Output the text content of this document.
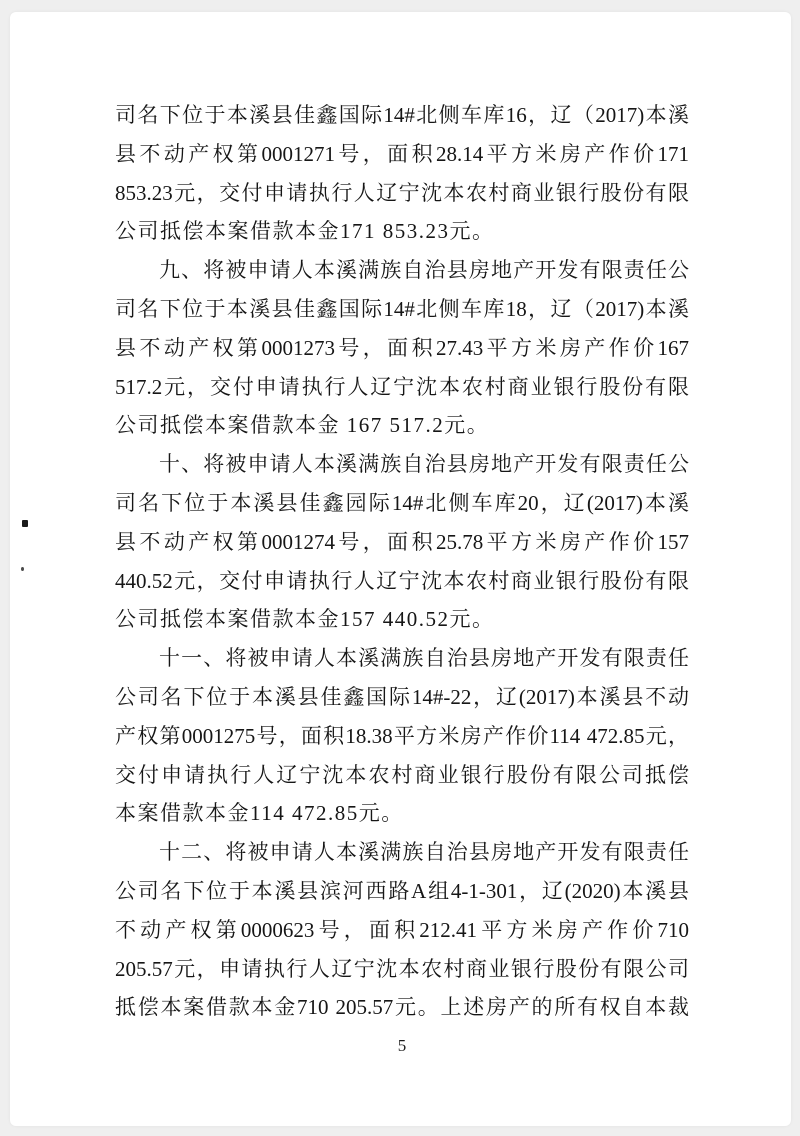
司名下位于本溪县佳鑫国际14#北侧车库16，辽（2017)本溪
县不动产权第0001271号，面积28.14平方米房产作价171
853.23元，交付申请执行人辽宁沈本农村商业银行股份有限
公司抵偿本案借款本金171 853.23元。
九、将被申请人本溪满族自治县房地产开发有限责任公
司名下位于本溪县佳鑫国际14#北侧车库18，辽（2017)本溪
县不动产权第0001273号，面积27.43平方米房产作价167
517.2元，交付申请执行人辽宁沈本农村商业银行股份有限
公司抵偿本案借款本金 167 517.2元。
十、将被申请人本溪满族自治县房地产开发有限责任公
司名下位于本溪县佳鑫园际14#北侧车库20，辽(2017)本溪
县不动产权第0001274号，面积25.78平方米房产作价157
440.52元，交付申请执行人辽宁沈本农村商业银行股份有限
公司抵偿本案借款本金157 440.52元。
十一、将被申请人本溪满族自治县房地产开发有限责任
公司名下位于本溪县佳鑫国际14#-22，辽(2017)本溪县不动
产权第0001275号，面积18.38平方米房产作价114 472.85元，
交付申请执行人辽宁沈本农村商业银行股份有限公司抵偿
本案借款本金114 472.85元。
十二、将被申请人本溪满族自治县房地产开发有限责任
公司名下位于本溪县滨河西路A组4-1-301，辽(2020)本溪县
不动产权第0000623号，面积212.41平方米房产作价710
205.57元，申请执行人辽宁沈本农村商业银行股份有限公司
抵偿本案借款本金710 205.57元。上述房产的所有权自本裁
5
